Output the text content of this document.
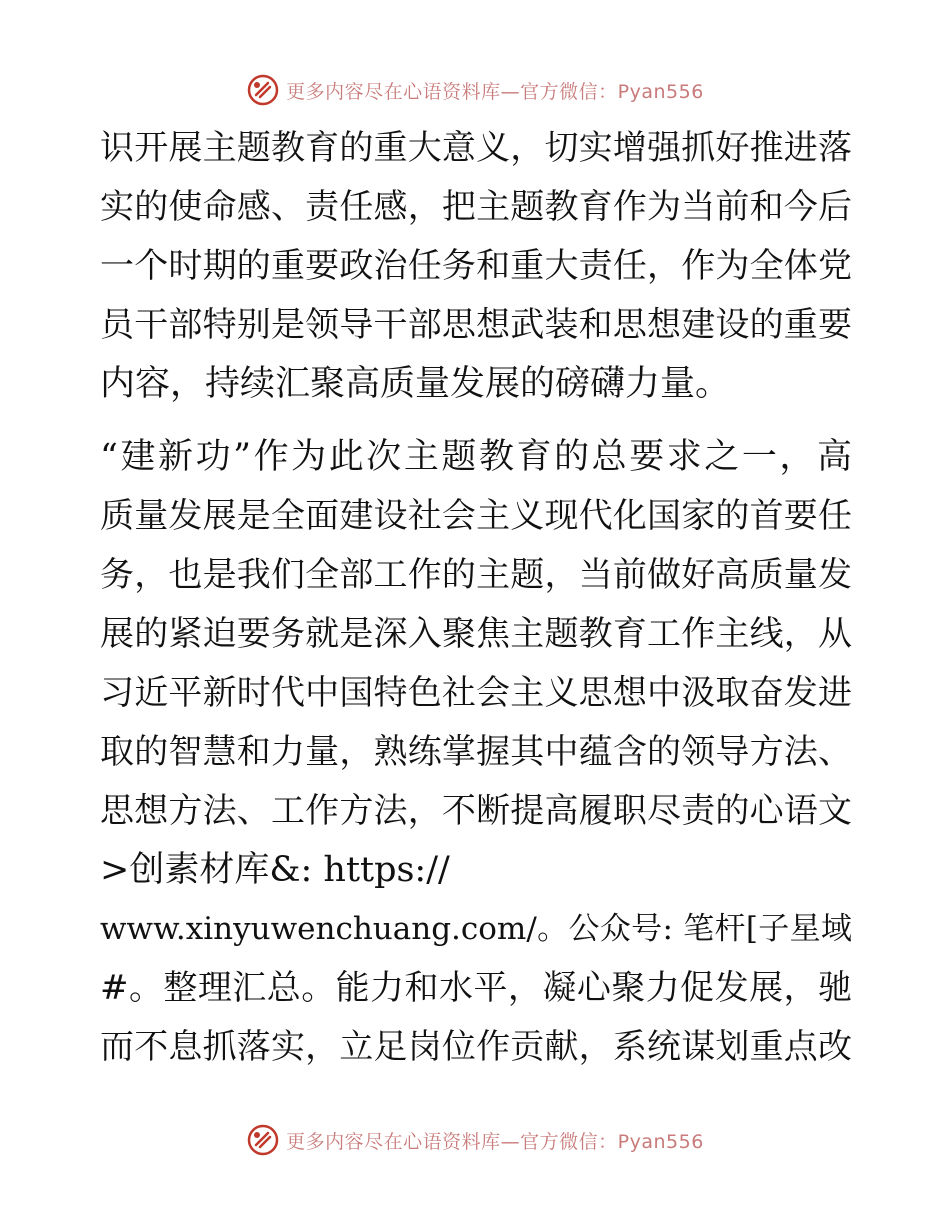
更多内容尽在心语资料库—官方微信：Pyan556
识开展主题教育的重大意义，切实增强抓好推进落
实的使命感、责任感，把主题教育作为当前和今后
一个时期的重要政治任务和重大责任，作为全体党
员干部特别是领导干部思想武装和思想建设的重要
内容，持续汇聚高质量发展的磅礴力量。
“建新功”作为此次主题教育的总要求之一，高
质量发展是全面建设社会主义现代化国家的首要任
务，也是我们全部工作的主题，当前做好高质量发
展的紧迫要务就是深入聚焦主题教育工作主线，从
习近平新时代中国特色社会主义思想中汲取奋发进
取的智慧和力量，熟练掌握其中蕴含的领导方法、
思想方法、工作方法，不断提高履职尽责的心语文
>创素材库&: https://
www.xinyuwenchuang.com/。公众号: 笔杆[子星域
#。整理汇总。能力和水平，凝心聚力促发展，驰
而不息抓落实，立足岗位作贡献，系统谋划重点改
更多内容尽在心语资料库—官方微信：Pyan556
